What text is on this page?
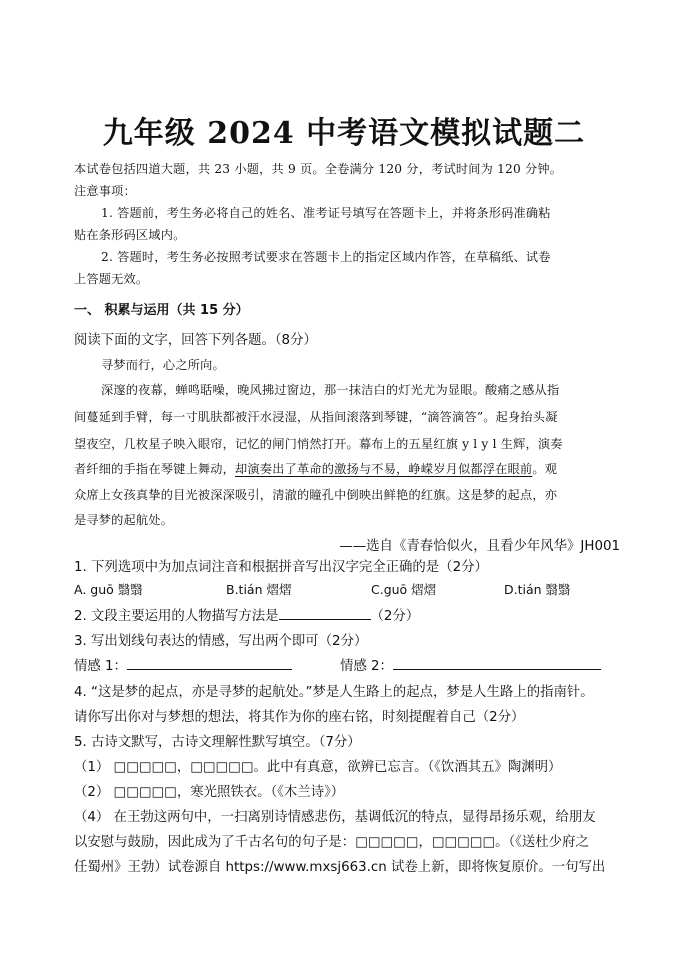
九年级 2024 中考语文模拟试题二
本试卷包括四道大题，共 23 小题，共 9 页。全卷满分 120 分，考试时间为 120 分钟。
注意事项：
1. 答题前，考生务必将自己的姓名、准考证号填写在答题卡上，并将条形码准确粘
贴在条形码区域内。
2. 答题时，考生务必按照考试要求在答题卡上的指定区域内作答，在草稿纸、试卷
上答题无效。
一、 积累与运用（共 15 分）
阅读下面的文字，回答下列各题。（8分）
寻梦而行，心之所向。
深邃的夜幕，蝉鸣聒噪，晚风拂过窗边，那一抹洁白的灯光尤为显眼。酸痛之感从指
间蔓延到手臂，每一寸肌肤都被汗水浸湿，从指间滚落到琴键，“滴答滴答”。起身抬头凝
望夜空，几枚星子映入眼帘，记忆的闸门悄然打开。幕布上的五星红旗 y l y l 生辉，演奏
者纤细的手指在琴键上舞动，却演奏出了革命的激扬与不易，峥嵘岁月似都浮在眼前。观
众席上女孩真挚的目光被深深吸引，清澈的瞳孔中倒映出鲜艳的红旗。这是梦的起点，亦
是寻梦的起航处。
——选自《青春恰似火，且看少年风华》JH001
1. 下列选项中为加点词注音和根据拼音写出汉字完全正确的是（2分）
A. guō 翳翳	B.tián 熠熠	C.guō 熠熠	D.tián 翳翳
2. 文段主要运用的人物描写方法是	（2分）
3. 写出划线句表达的情感，写出两个即可（2分）
情感 1：	情感 2：
4. “这是梦的起点，亦是寻梦的起航处。”梦是人生路上的起点，梦是人生路上的指南针。
请你写出你对与梦想的想法，将其作为你的座右铭，时刻提醒着自己（2分）
5. 古诗文默写，古诗文理解性默写填空。（7分）
（1） □□□□□，□□□□□。此中有真意，欲辨已忘言。（《饮酒其五》陶渊明）
（2） □□□□□，寒光照铁衣。（《木兰诗》）
（4） 在王勃这两句中，一扫离别诗情感悲伤，基调低沉的特点，显得昂扬乐观，给朋友
以安慰与鼓励，因此成为了千古名句的句子是：□□□□□，□□□□□。（《送杜少府之
任蜀州》王勃）试卷源自 https://www.mxsj663.cn 试卷上新，即将恢复原价。一句写出
